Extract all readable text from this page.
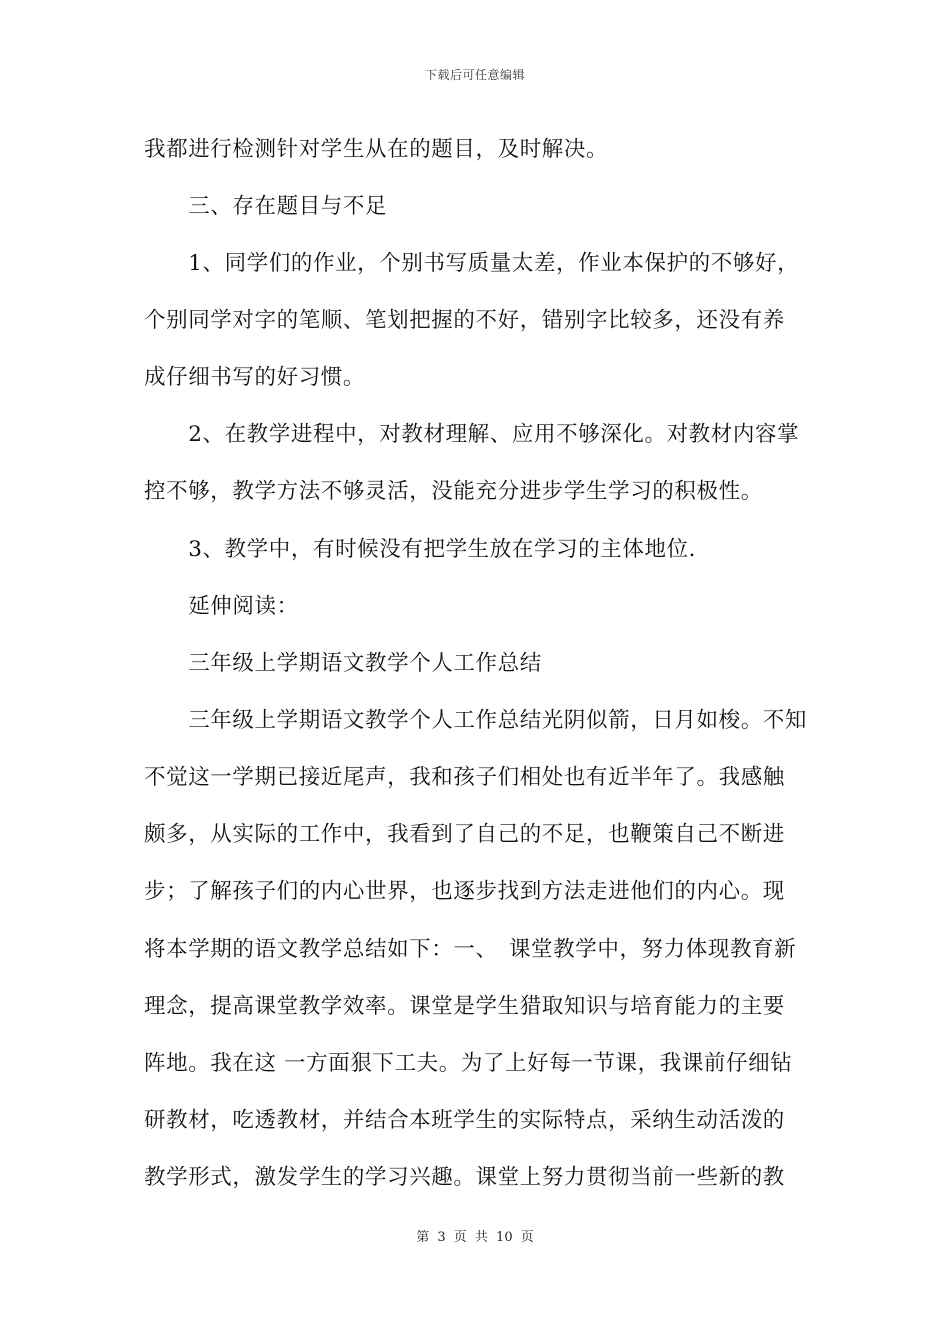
下载后可任意编辑
我都进行检测针对学生从在的题目，及时解决。
　　三、存在题目与不足
　　1、同学们的作业，个别书写质量太差，作业本保护的不够好，
个别同学对字的笔顺、笔划把握的不好，错别字比较多，还没有养
成仔细书写的好习惯。
　　2、在教学进程中，对教材理解、应用不够深化。对教材内容掌
控不够，教学方法不够灵活，没能充分进步学生学习的积极性。
　　3、教学中，有时候没有把学生放在学习的主体地位.
　　延伸阅读：
　　三年级上学期语文教学个人工作总结
　　三年级上学期语文教学个人工作总结光阴似箭，日月如梭。不知
不觉这一学期已接近尾声，我和孩子们相处也有近半年了。我感触
颇多，从实际的工作中，我看到了自己的不足，也鞭策自己不断进
步；了解孩子们的内心世界，也逐步找到方法走进他们的内心。现
将本学期的语文教学总结如下：一、　课堂教学中，努力体现教育新
理念，提高课堂教学效率。课堂是学生猎取知识与培育能力的主要
阵地。我在这 一方面狠下工夫。为了上好每一节课，我课前仔细钻
研教材，吃透教材，并结合本班学生的实际特点，采纳生动活泼的
教学形式，激发学生的学习兴趣。课堂上努力贯彻当前一些新的教
第 3 页 共 10 页
